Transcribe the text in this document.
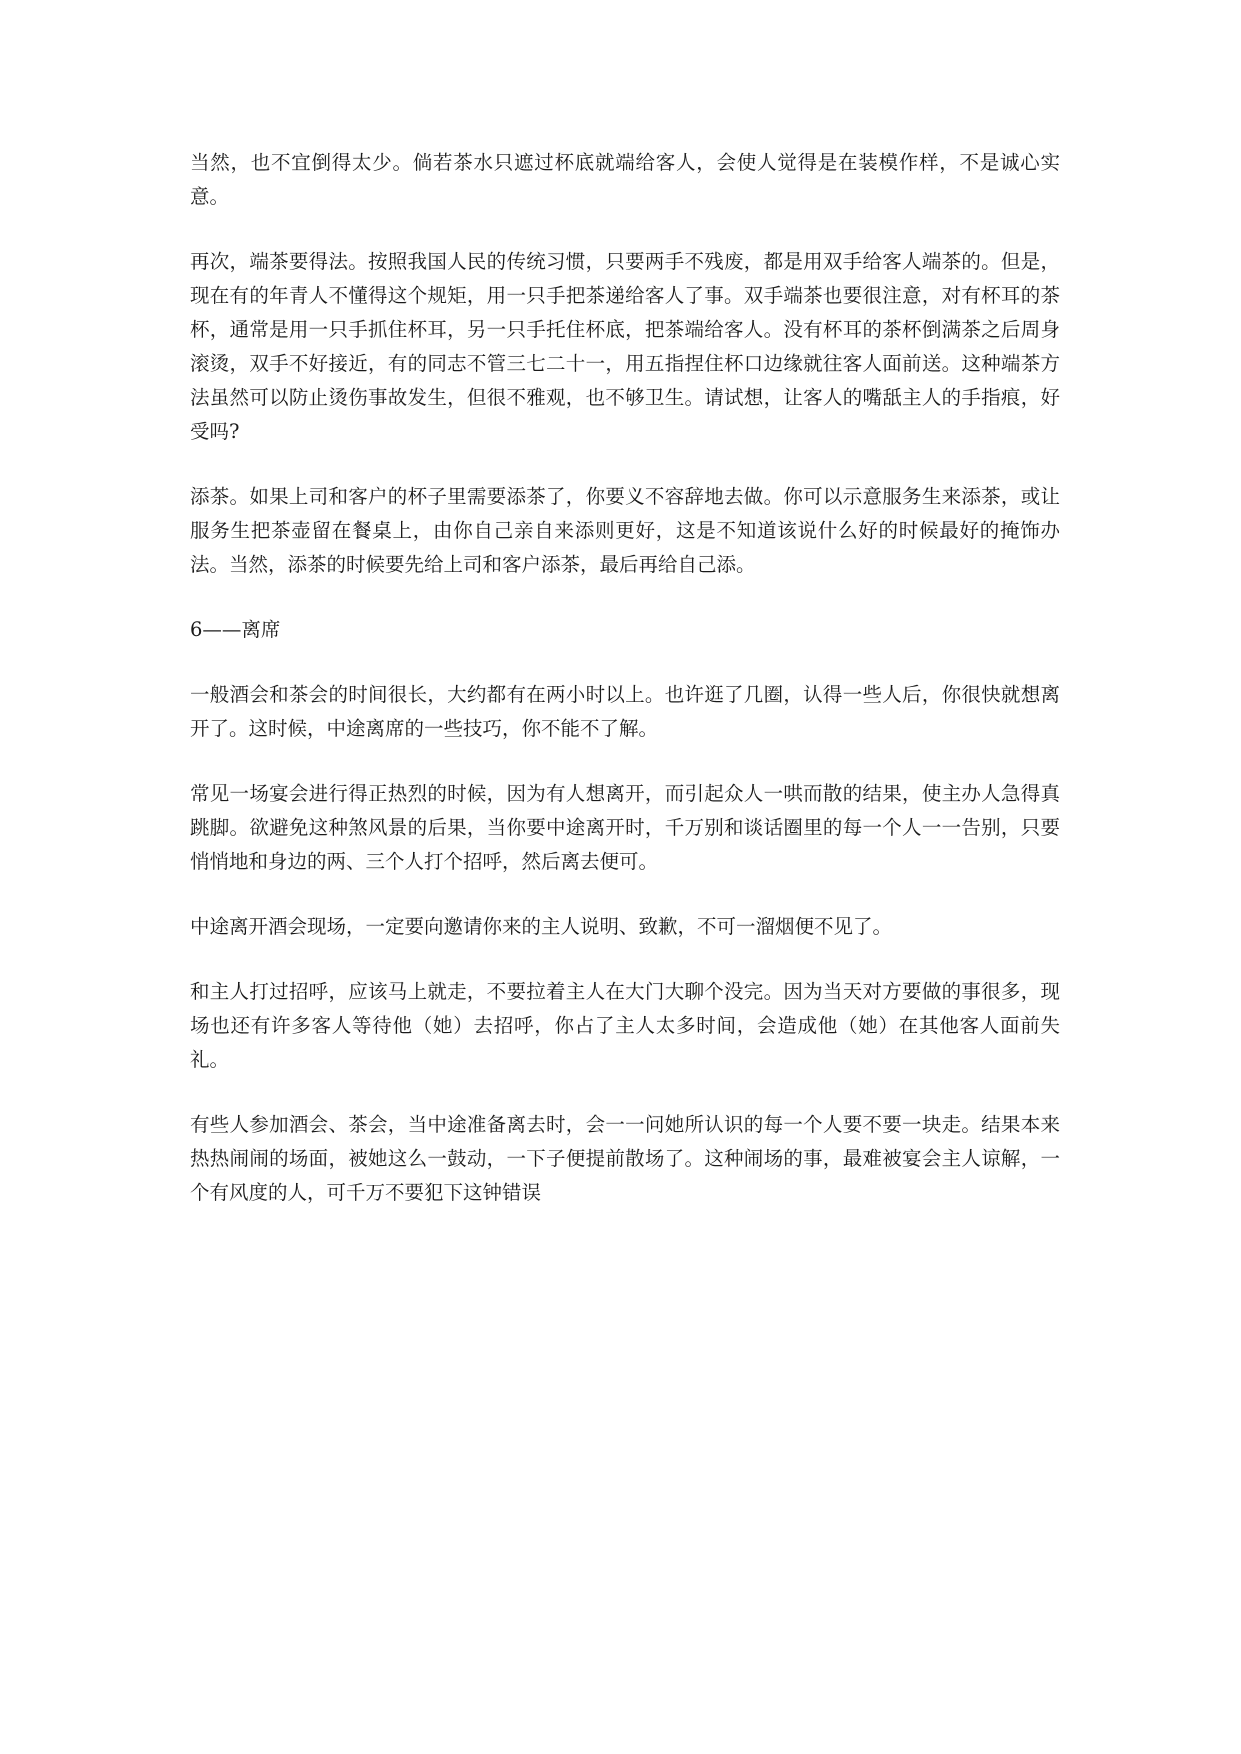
当然，也不宜倒得太少。倘若茶水只遮过杯底就端给客人，会使人觉得是在装模作样，不是诚心实意。

再次，端茶要得法。按照我国人民的传统习惯，只要两手不残废，都是用双手给客人端茶的。但是，现在有的年青人不懂得这个规矩，用一只手把茶递给客人了事。双手端茶也要很注意，对有杯耳的茶杯，通常是用一只手抓住杯耳，另一只手托住杯底，把茶端给客人。没有杯耳的茶杯倒满茶之后周身滚烫，双手不好接近，有的同志不管三七二十一，用五指捏住杯口边缘就往客人面前送。这种端茶方法虽然可以防止烫伤事故发生，但很不雅观，也不够卫生。请试想，让客人的嘴舐主人的手指痕，好受吗?

添茶。如果上司和客户的杯子里需要添茶了，你要义不容辞地去做。你可以示意服务生来添茶，或让服务生把茶壶留在餐桌上，由你自己亲自来添则更好，这是不知道该说什么好的时候最好的掩饰办法。当然，添茶的时候要先给上司和客户添茶，最后再给自己添。

6——离席

一般酒会和茶会的时间很长，大约都有在两小时以上。也许逛了几圈，认得一些人后，你很快就想离开了。这时候，中途离席的一些技巧，你不能不了解。

常见一场宴会进行得正热烈的时候，因为有人想离开，而引起众人一哄而散的结果，使主办人急得真跳脚。欲避免这种煞风景的后果，当你要中途离开时，千万别和谈话圈里的每一个人一一告别，只要悄悄地和身边的两、三个人打个招呼，然后离去便可。

中途离开酒会现场，一定要向邀请你来的主人说明、致歉，不可一溜烟便不见了。

和主人打过招呼，应该马上就走，不要拉着主人在大门大聊个没完。因为当天对方要做的事很多，现场也还有许多客人等待他（她）去招呼，你占了主人太多时间，会造成他（她）在其他客人面前失礼。

有些人参加酒会、茶会，当中途准备离去时，会一一问她所认识的每一个人要不要一块走。结果本来热热闹闹的场面，被她这么一鼓动，一下子便提前散场了。这种闹场的事，最难被宴会主人谅解，一个有风度的人，可千万不要犯下这钟错误
